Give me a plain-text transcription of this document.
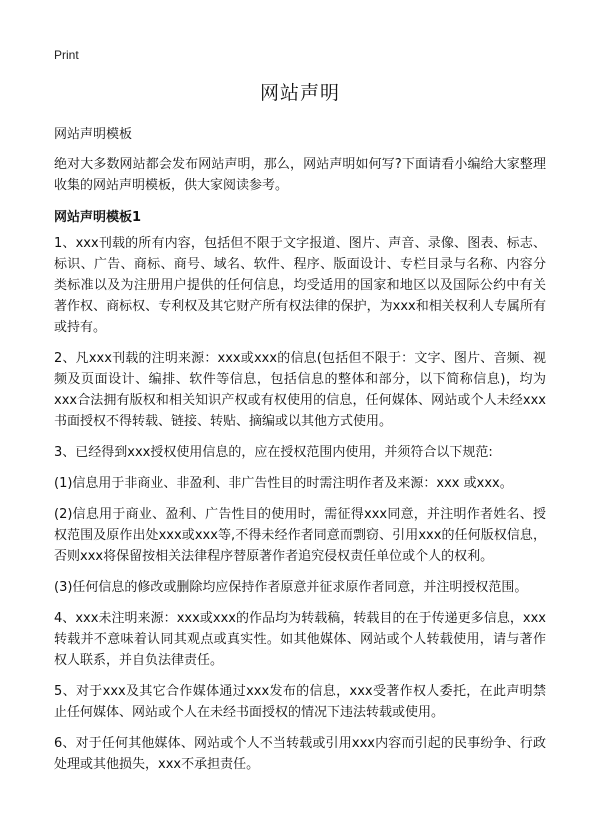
Print
网站声明
网站声明模板

绝对大多数网站都会发布网站声明，那么，网站声明如何写?下面请看小编给大家整理收集的网站声明模板，供大家阅读参考。

网站声明模板1

1、xxx刊载的所有内容，包括但不限于文字报道、图片、声音、录像、图表、标志、标识、广告、商标、商号、域名、软件、程序、版面设计、专栏目录与名称、内容分类标准以及为注册用户提供的任何信息，均受适用的国家和地区以及国际公约中有关著作权、商标权、专利权及其它财产所有权法律的保护，为xxx和相关权利人专属所有或持有。

2、凡xxx刊载的注明来源：xxx或xxx的信息(包括但不限于：文字、图片、音频、视频及页面设计、编排、软件等信息，包括信息的整体和部分，以下简称信息)，均为xxx合法拥有版权和相关知识产权或有权使用的信息，任何媒体、网站或个人未经xxx书面授权不得转载、链接、转贴、摘编或以其他方式使用。

3、已经得到xxx授权使用信息的，应在授权范围内使用，并须符合以下规范:

(1)信息用于非商业、非盈利、非广告性目的时需注明作者及来源：xxx 或xxx。

(2)信息用于商业、盈利、广告性目的使用时，需征得xxx同意，并注明作者姓名、授权范围及原作出处xxx或xxx等,不得未经作者同意而剽窃、引用xxx的任何版权信息，否则xxx将保留按相关法律程序替原著作者追究侵权责任单位或个人的权利。

(3)任何信息的修改或删除均应保持作者原意并征求原作者同意，并注明授权范围。

4、xxx未注明来源：xxx或xxx的作品均为转载稿，转载目的在于传递更多信息，xxx转载并不意味着认同其观点或真实性。如其他媒体、网站或个人转载使用，请与著作权人联系，并自负法律责任。

5、对于xxx及其它合作媒体通过xxx发布的信息，xxx受著作权人委托，在此声明禁止任何媒体、网站或个人在未经书面授权的情况下违法转载或使用。

6、对于任何其他媒体、网站或个人不当转载或引用xxx内容而引起的民事纷争、行政处理或其他损失，xxx不承担责任。
